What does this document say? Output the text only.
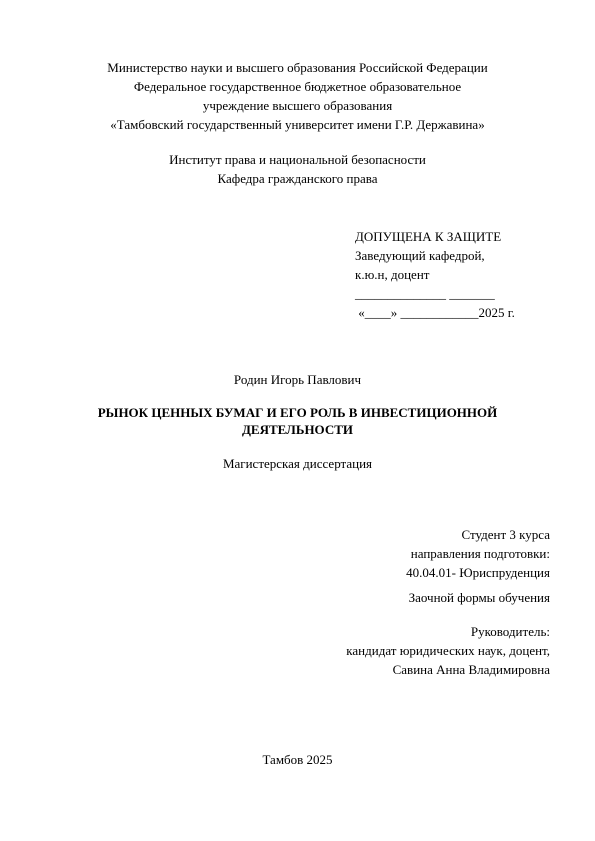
Министерство науки и высшего образования Российской Федерации
Федеральное государственное бюджетное образовательное
учреждение высшего образования
«Тамбовский государственный университет имени Г.Р. Державина»
Институт права и национальной безопасности
Кафедра гражданского права
ДОПУЩЕНА К ЗАЩИТЕ
Заведующий кафедрой,
к.ю.н, доцент
______________ _______
«____» ____________2025 г.
Родин Игорь Павлович
РЫНОК ЦЕННЫХ БУМАГ И ЕГО РОЛЬ В ИНВЕСТИЦИОННОЙ
ДЕЯТЕЛЬНОСТИ
Магистерская диссертация
Студент 3 курса
направления подготовки:
40.04.01- Юриспруденция
Заочной формы обучения
Руководитель:
кандидат юридических наук, доцент,
Савина Анна Владимировна
Тамбов 2025
